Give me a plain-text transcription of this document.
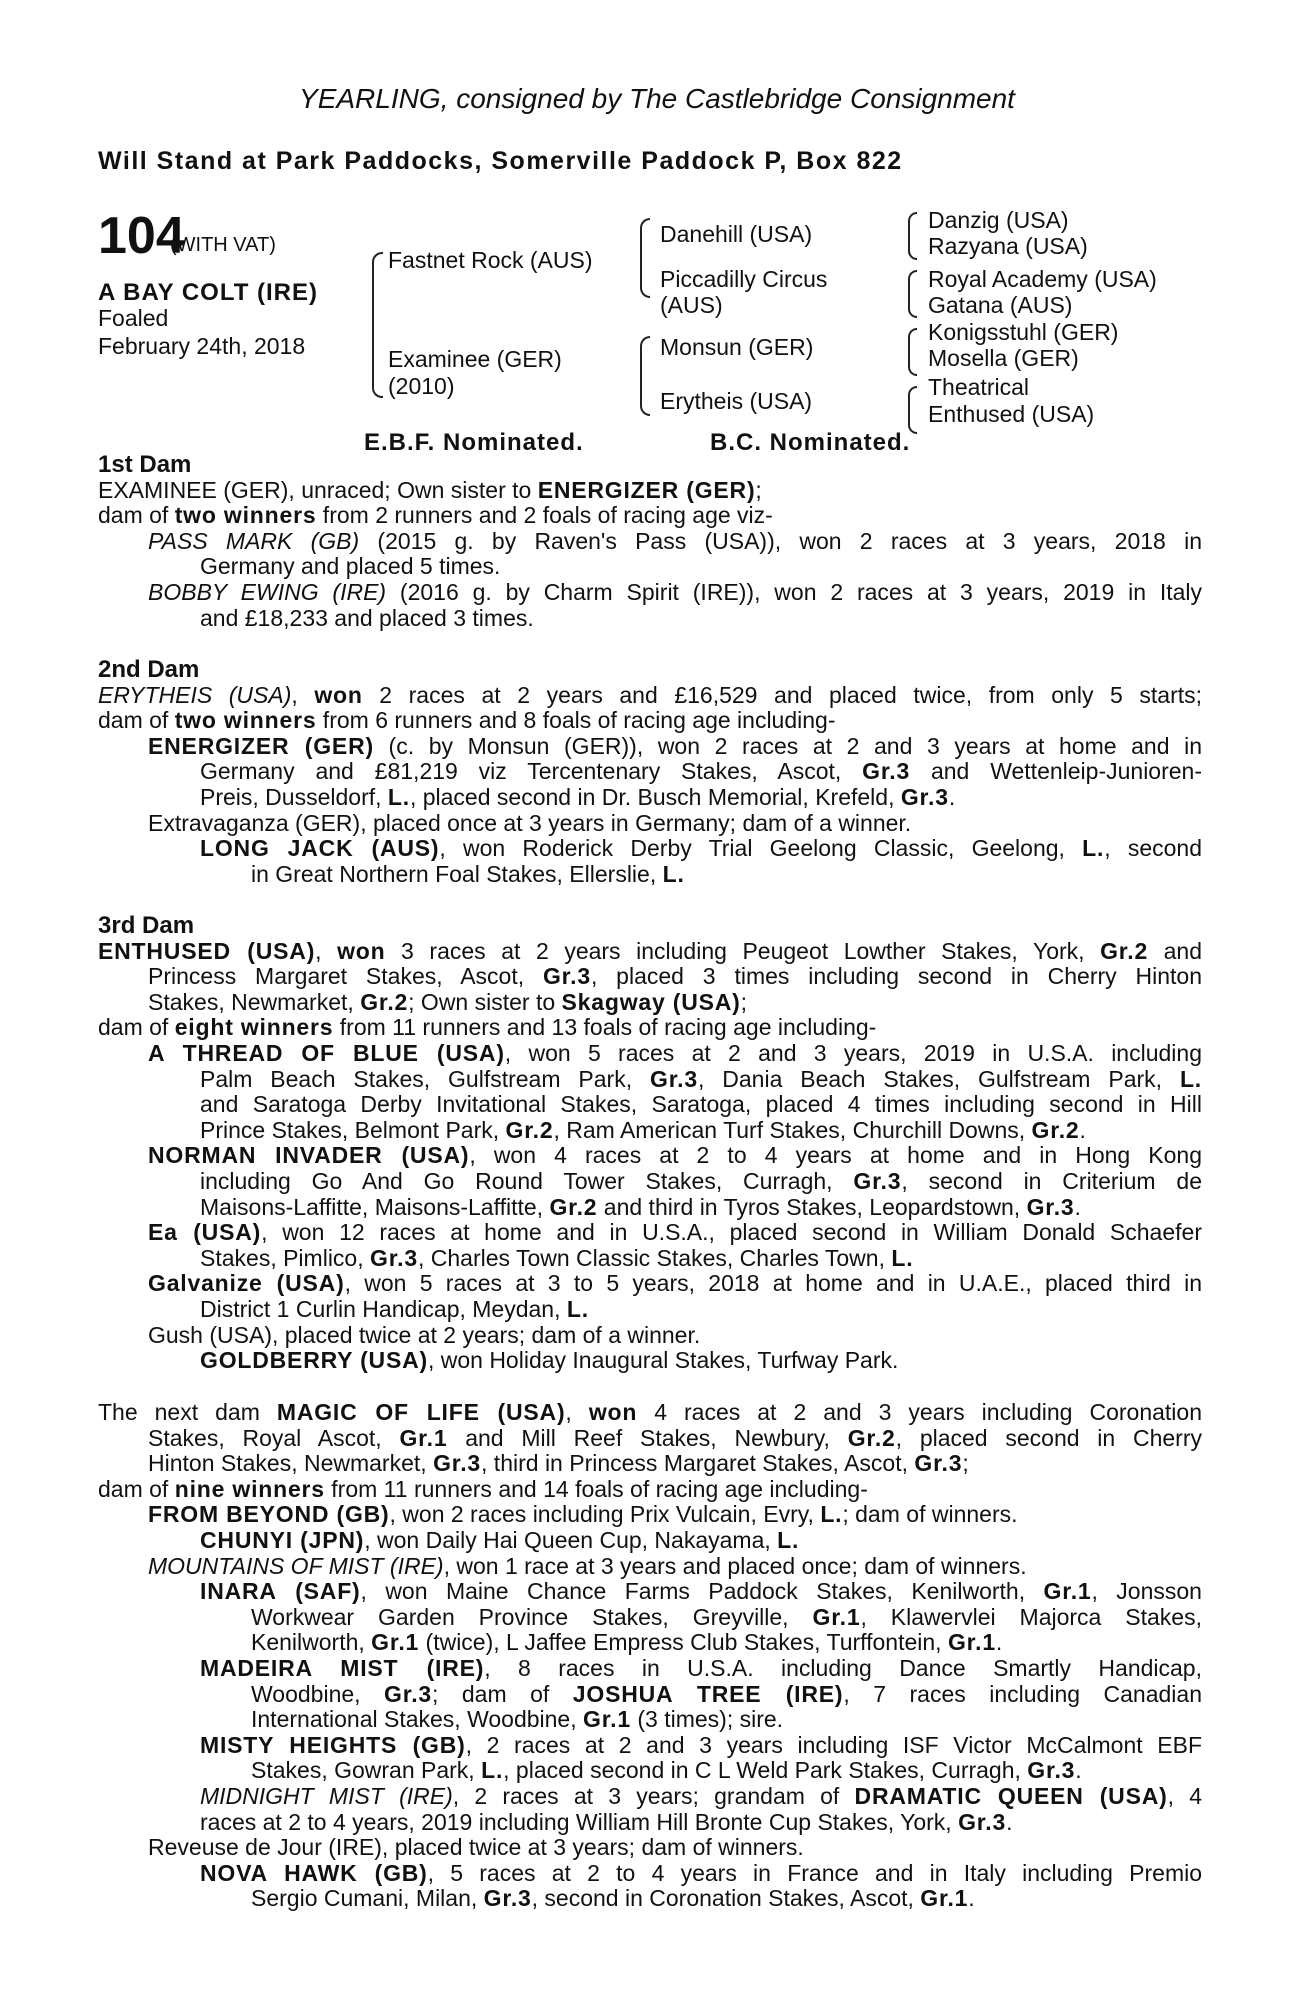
YEARLING, consigned by The Castlebridge Consignment
Will Stand at Park Paddocks, Somerville Paddock P, Box 822
104
(WITH VAT)
A BAY COLT (IRE)
Foaled
February 24th, 2018
Fastnet Rock (AUS)
Examinee (GER)
(2010)
Danehill (USA)
Piccadilly Circus
(AUS)
Monsun (GER)
Erytheis (USA)
Danzig (USA)
Razyana (USA)
Royal Academy (USA)
Gatana (AUS)
Konigsstuhl (GER)
Mosella (GER)
Theatrical
Enthused (USA)
E.B.F. Nominated.	B.C. Nominated.
1st Dam
EXAMINEE (GER), unraced; Own sister to ENERGIZER (GER);
dam of two winners from 2 runners and 2 foals of racing age viz-
PASS MARK (GB) (2015 g. by Raven's Pass (USA)), won 2 races at 3 years, 2018 in
Germany and placed 5 times.
BOBBY EWING (IRE) (2016 g. by Charm Spirit (IRE)), won 2 races at 3 years, 2019 in Italy
and £18,233 and placed 3 times.
2nd Dam
ERYTHEIS (USA), won 2 races at 2 years and £16,529 and placed twice, from only 5 starts;
dam of two winners from 6 runners and 8 foals of racing age including-
ENERGIZER (GER) (c. by Monsun (GER)), won 2 races at 2 and 3 years at home and in
Germany and £81,219 viz Tercentenary Stakes, Ascot, Gr.3 and Wettenleip-Junioren-
Preis, Dusseldorf, L., placed second in Dr. Busch Memorial, Krefeld, Gr.3.
Extravaganza (GER), placed once at 3 years in Germany; dam of a winner.
LONG JACK (AUS), won Roderick Derby Trial Geelong Classic, Geelong, L., second
in Great Northern Foal Stakes, Ellerslie, L.
3rd Dam
ENTHUSED (USA), won 3 races at 2 years including Peugeot Lowther Stakes, York, Gr.2 and
Princess Margaret Stakes, Ascot, Gr.3, placed 3 times including second in Cherry Hinton
Stakes, Newmarket, Gr.2; Own sister to Skagway (USA);
dam of eight winners from 11 runners and 13 foals of racing age including-
A THREAD OF BLUE (USA), won 5 races at 2 and 3 years, 2019 in U.S.A. including
Palm Beach Stakes, Gulfstream Park, Gr.3, Dania Beach Stakes, Gulfstream Park, L.
and Saratoga Derby Invitational Stakes, Saratoga, placed 4 times including second in Hill
Prince Stakes, Belmont Park, Gr.2, Ram American Turf Stakes, Churchill Downs, Gr.2.
NORMAN INVADER (USA), won 4 races at 2 to 4 years at home and in Hong Kong
including Go And Go Round Tower Stakes, Curragh, Gr.3, second in Criterium de
Maisons-Laffitte, Maisons-Laffitte, Gr.2 and third in Tyros Stakes, Leopardstown, Gr.3.
Ea (USA), won 12 races at home and in U.S.A., placed second in William Donald Schaefer
Stakes, Pimlico, Gr.3, Charles Town Classic Stakes, Charles Town, L.
Galvanize (USA), won 5 races at 3 to 5 years, 2018 at home and in U.A.E., placed third in
District 1 Curlin Handicap, Meydan, L.
Gush (USA), placed twice at 2 years; dam of a winner.
GOLDBERRY (USA), won Holiday Inaugural Stakes, Turfway Park.
The next dam MAGIC OF LIFE (USA), won 4 races at 2 and 3 years including Coronation
Stakes, Royal Ascot, Gr.1 and Mill Reef Stakes, Newbury, Gr.2, placed second in Cherry
Hinton Stakes, Newmarket, Gr.3, third in Princess Margaret Stakes, Ascot, Gr.3;
dam of nine winners from 11 runners and 14 foals of racing age including-
FROM BEYOND (GB), won 2 races including Prix Vulcain, Evry, L.; dam of winners.
CHUNYI (JPN), won Daily Hai Queen Cup, Nakayama, L.
MOUNTAINS OF MIST (IRE), won 1 race at 3 years and placed once; dam of winners.
INARA (SAF), won Maine Chance Farms Paddock Stakes, Kenilworth, Gr.1, Jonsson
Workwear Garden Province Stakes, Greyville, Gr.1, Klawervlei Majorca Stakes,
Kenilworth, Gr.1 (twice), L Jaffee Empress Club Stakes, Turffontein, Gr.1.
MADEIRA MIST (IRE), 8 races in U.S.A. including Dance Smartly Handicap,
Woodbine, Gr.3; dam of JOSHUA TREE (IRE), 7 races including Canadian
International Stakes, Woodbine, Gr.1 (3 times); sire.
MISTY HEIGHTS (GB), 2 races at 2 and 3 years including ISF Victor McCalmont EBF
Stakes, Gowran Park, L., placed second in C L Weld Park Stakes, Curragh, Gr.3.
MIDNIGHT MIST (IRE), 2 races at 3 years; grandam of DRAMATIC QUEEN (USA), 4
races at 2 to 4 years, 2019 including William Hill Bronte Cup Stakes, York, Gr.3.
Reveuse de Jour (IRE), placed twice at 3 years; dam of winners.
NOVA HAWK (GB), 5 races at 2 to 4 years in France and in Italy including Premio
Sergio Cumani, Milan, Gr.3, second in Coronation Stakes, Ascot, Gr.1.
